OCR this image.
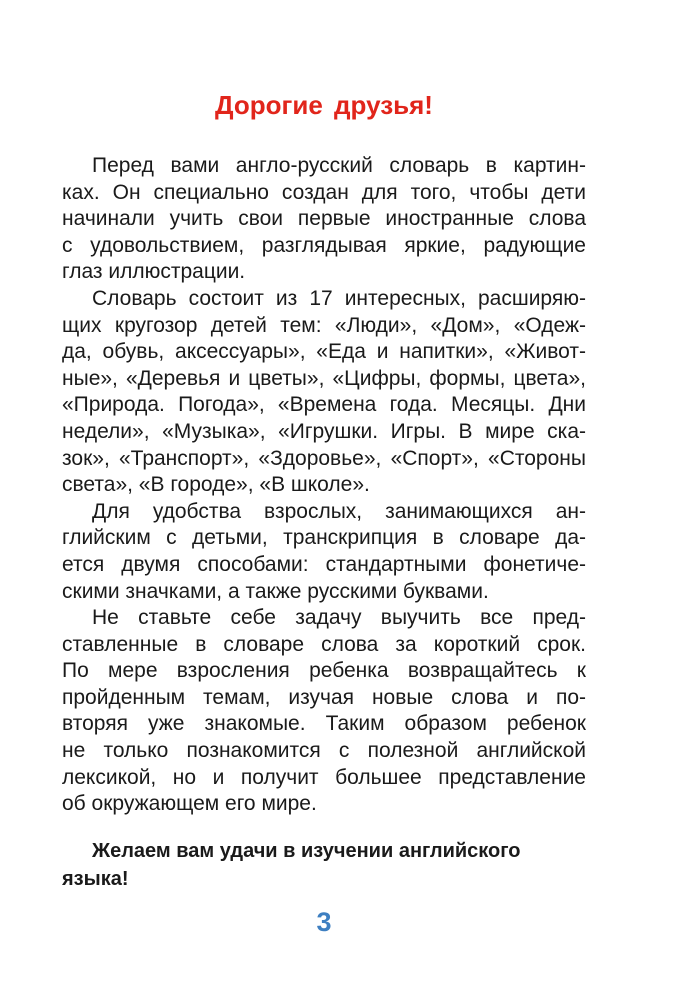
Дорогие друзья!
Перед вами англо-русский словарь в картин-
ках. Он специально создан для того, чтобы дети
начинали учить свои первые иностранные слова
с удовольствием, разглядывая яркие, радующие
глаз иллюстрации.
Словарь состоит из 17 интересных, расширяю-
щих кругозор детей тем: «Люди», «Дом», «Одеж-
да, обувь, аксессуары», «Еда и напитки», «Живот-
ные», «Деревья и цветы», «Цифры, формы, цвета»,
«Природа. Погода», «Времена года. Месяцы. Дни
недели», «Музыка», «Игрушки. Игры. В мире ска-
зок», «Транспорт», «Здоровье», «Спорт», «Стороны
света», «В городе», «В школе».
Для удобства взрослых, занимающихся ан-
глийским с детьми, транскрипция в словаре да-
ется двумя способами: стандартными фонетиче-
скими значками, а также русскими буквами.
Не ставьте себе задачу выучить все пред-
ставленные в словаре слова за короткий срок.
По мере взросления ребенка возвращайтесь к
пройденным темам, изучая новые слова и по-
вторяя уже знакомые. Таким образом ребенок
не только познакомится с полезной английской
лексикой, но и получит большее представление
об окружающем его мире.

Желаем вам удачи в изучении английского
языка!

3
